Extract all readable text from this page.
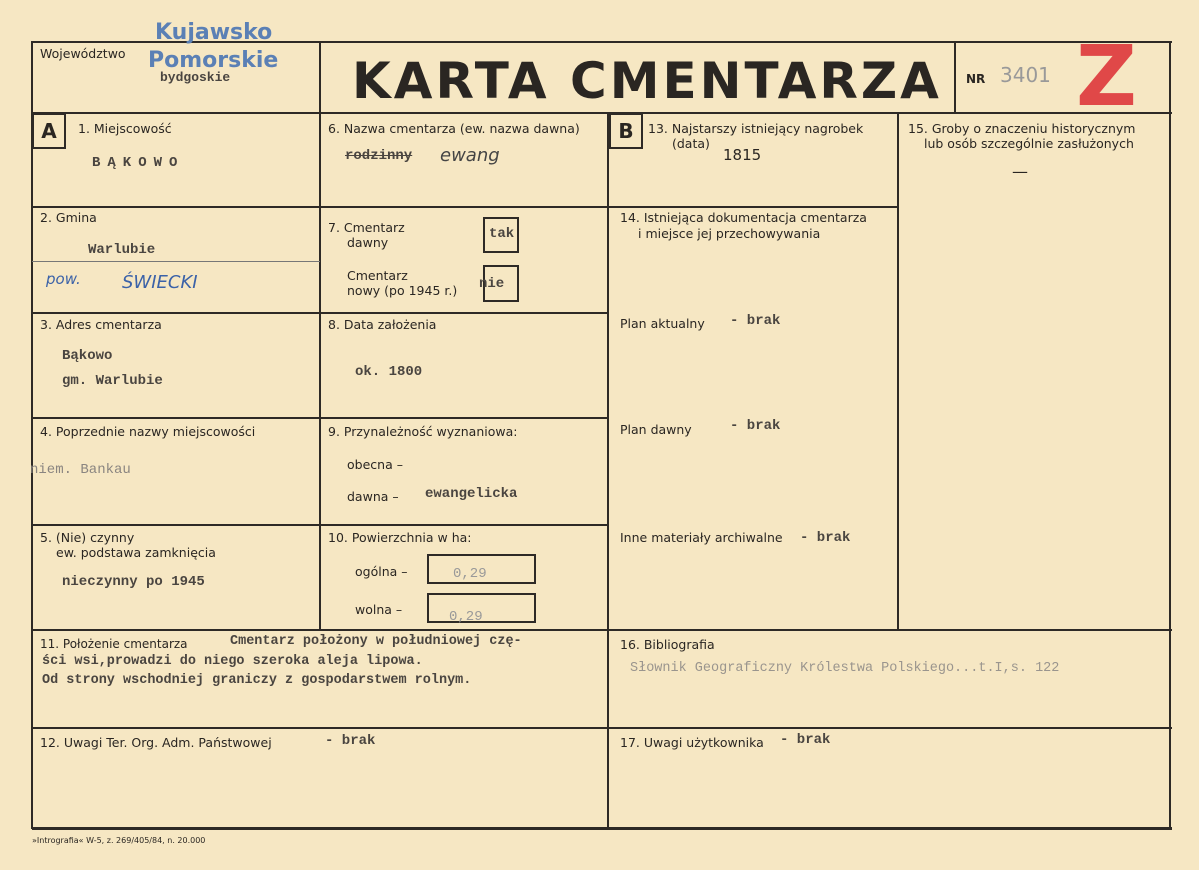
Województwo
Kujawsko
Pomorskie
bydgoskie KARTA CMENTARZA NR 3401 Z
A	B
1. Miejscowość
BĄKOWO
2. Gmina
Warlubie
pow. ŚWIECKI
3. Adres cmentarza
Bąkowo
gm. Warlubie
4. Poprzednie nazwy miejscowości
niem. Bankau
5. (Nie) czynny
ew. podstawa zamknięcia
nieczynny po 1945
6. Nazwa cmentarza (ew. nazwa dawna)
rodzinny ewang
7. Cmentarz
dawny
tak
Cmentarz
nowy (po 1945 r.) nie
8. Data założenia
ok. 1800
9. Przynależność wyznaniowa:
obecna –
dawna – ewangelicka
10. Powierzchnia w ha:
ogólna –	0,29
wolna –	0,29
13. Najstarszy istniejący nagrobek
(data)
1815
14. Istniejąca dokumentacja cmentarza
i miejsce jej przechowywania
Plan aktualny - brak
Plan dawny	- brak
Inne materiały archiwalne - brak
15. Groby o znaczeniu historycznym
lub osób szczególnie zasłużonych
—
11. Położenie cmentarza	Cmentarz położony w południowej czę-
ści wsi,prowadzi do niego szeroka aleja lipowa.
Od strony wschodniej graniczy z gospodarstwem rolnym.
16. Bibliografia
Słownik Geograficzny Królestwa Polskiego...t.I,s. 122
12. Uwagi Ter. Org. Adm. Państwowej	- brak	17. Uwagi użytkownika - brak
»Intrografia« W-5, z. 269/405/84, n. 20.000
